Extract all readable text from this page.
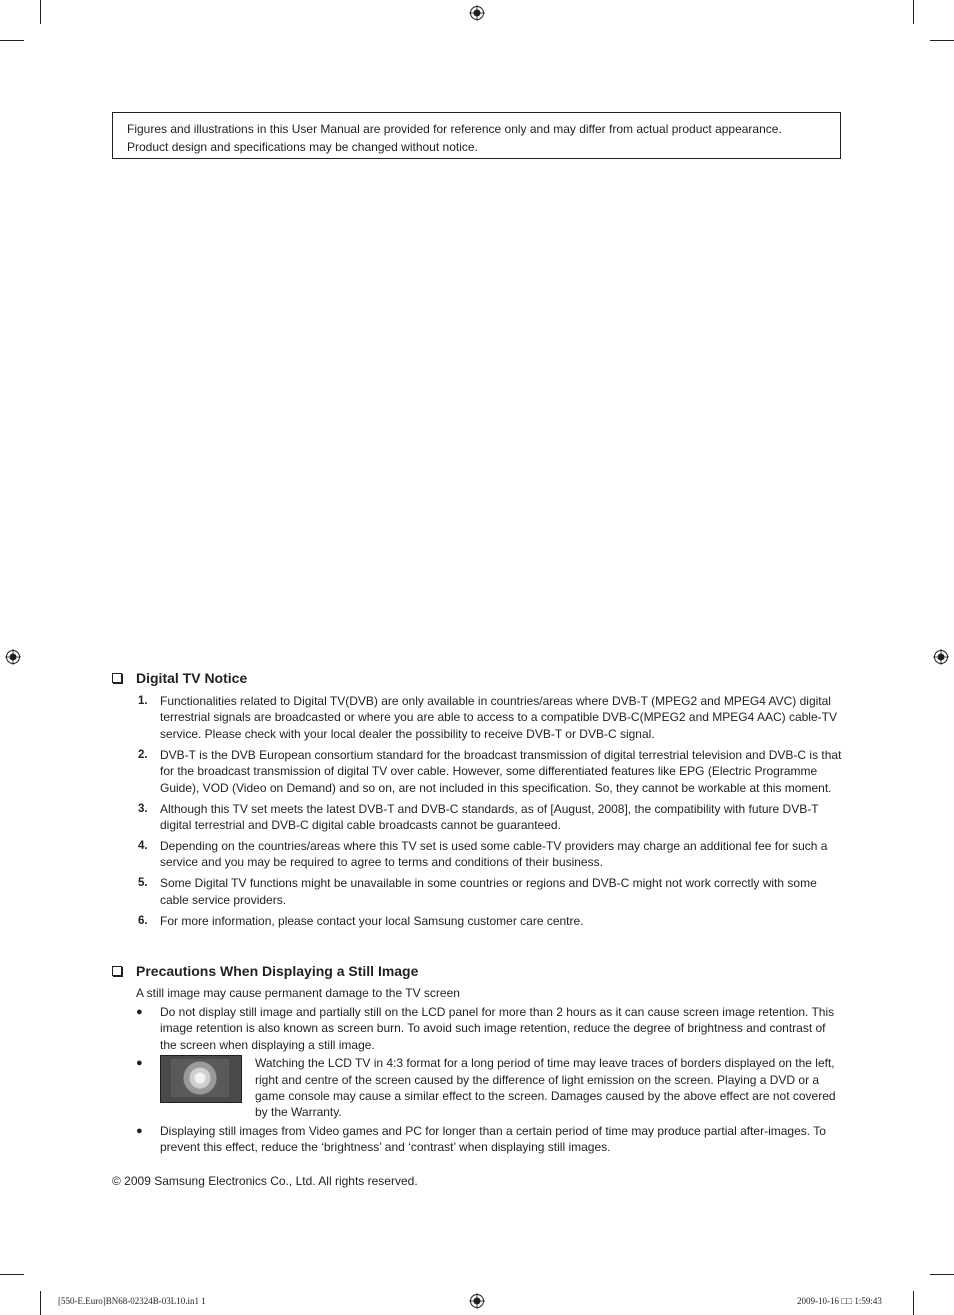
Figures and illustrations in this User Manual are provided for reference only and may differ from actual product appearance.
Product design and specifications may be changed without notice.
Digital TV Notice
1. Functionalities related to Digital TV(DVB) are only available in countries/areas where DVB-T (MPEG2 and MPEG4 AVC) digital terrestrial signals are broadcasted or where you are able to access to a compatible DVB-C(MPEG2 and MPEG4 AAC) cable-TV service. Please check with your local dealer the possibility to receive DVB-T or DVB-C signal.
2. DVB-T is the DVB European consortium standard for the broadcast transmission of digital terrestrial television and DVB-C is that for the broadcast transmission of digital TV over cable. However, some differentiated features like EPG (Electric Programme Guide), VOD (Video on Demand) and so on, are not included in this specification. So, they cannot be workable at this moment.
3. Although this TV set meets the latest DVB-T and DVB-C standards, as of [August, 2008], the compatibility with future DVB-T digital terrestrial and DVB-C digital cable broadcasts cannot be guaranteed.
4. Depending on the countries/areas where this TV set is used some cable-TV providers may charge an additional fee for such a service and you may be required to agree to terms and conditions of their business.
5. Some Digital TV functions might be unavailable in some countries or regions and DVB-C might not work correctly with some cable service providers.
6. For more information, please contact your local Samsung customer care centre.
Precautions When Displaying a Still Image
A still image may cause permanent damage to the TV screen
● Do not display still image and partially still on the LCD panel for more than 2 hours as it can cause screen image retention. This image retention is also known as screen burn. To avoid such image retention, reduce the degree of brightness and contrast of the screen when displaying a still image.
●	Watching the LCD TV in 4:3 format for a long period of time may leave traces of borders displayed on the left, right and centre of the screen caused by the difference of light emission on the screen. Playing a DVD or a game console may cause a similar effect to the screen. Damages caused by the above effect are not covered by the Warranty.
● Displaying still images from Video games and PC for longer than a certain period of time may produce partial after-images. To prevent this effect, reduce the ‘brightness’ and ‘contrast’ when displaying still images.
© 2009 Samsung Electronics Co., Ltd. All rights reserved.
[550-E.Euro]BN68-02324B-03L10.in1 1	2009-10-16 □□ 1:59:43
